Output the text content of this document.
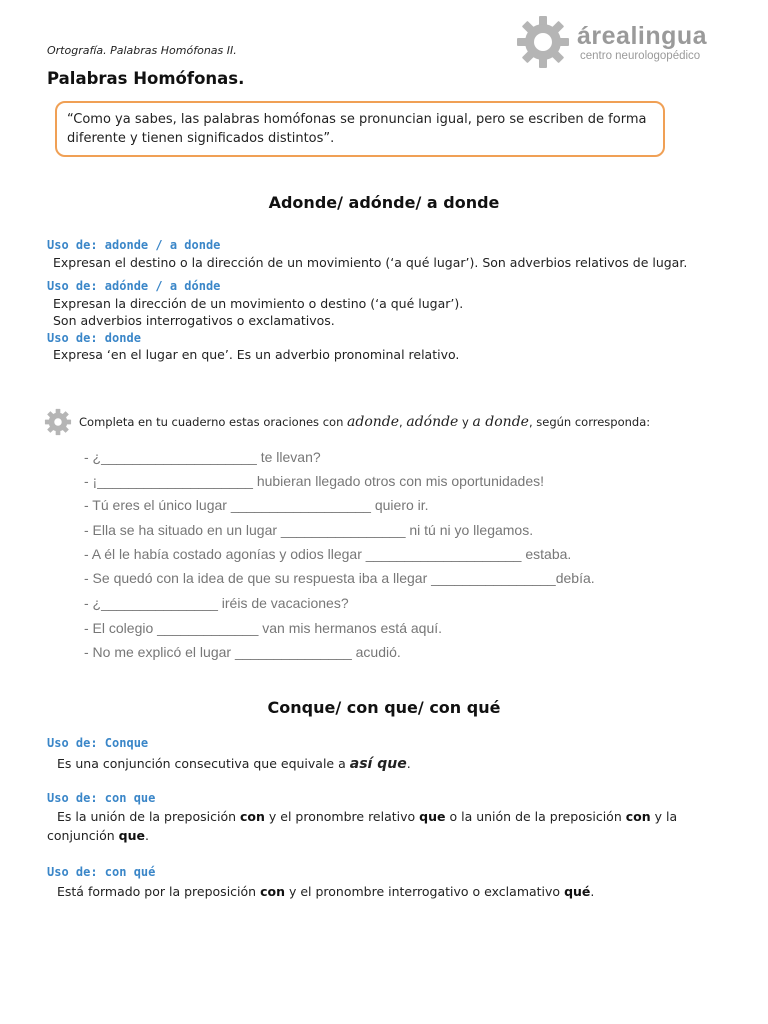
Ortografía. Palabras Homófonas II.
árealingua
centro neurologopédico
Palabras Homófonas.
“Como ya sabes, las palabras homófonas se pronuncian igual, pero se escriben de forma diferente y tienen significados distintos”.
Adonde/ adónde/ a donde
Uso de: adonde / a donde
Expresan el destino o la dirección de un movimiento (‘a qué lugar’). Son adverbios relativos de lugar.
Uso de: adónde / a dónde
Expresan la dirección de un movimiento o destino (‘a qué lugar’).
Son adverbios interrogativos o exclamativos.
Uso de: donde
Expresa ‘en el lugar en que’. Es un adverbio pronominal relativo.
Completa en tu cuaderno estas oraciones con adonde, adónde y a donde, según corresponda:
- ¿____________________ te llevan?
- ¡____________________ hubieran llegado otros con mis oportunidades!
- Tú eres el único lugar __________________ quiero ir.
- Ella se ha situado en un lugar ________________ ni tú ni yo llegamos.
- A él le había costado agonías y odios llegar ____________________ estaba.
- Se quedó con la idea de que su respuesta iba a llegar ________________debía.
- ¿_______________ iréis de vacaciones?
- El colegio _____________ van mis hermanos está aquí.
- No me explicó el lugar _______________ acudió.
Conque/ con que/ con qué
Uso de: Conque
Es una conjunción consecutiva que equivale a así que.
Uso de: con que
Es la unión de la preposición con y el pronombre relativo que o la unión de la preposición con y la
conjunción que.
Uso de: con qué
Está formado por la preposición con y el pronombre interrogativo o exclamativo qué.
